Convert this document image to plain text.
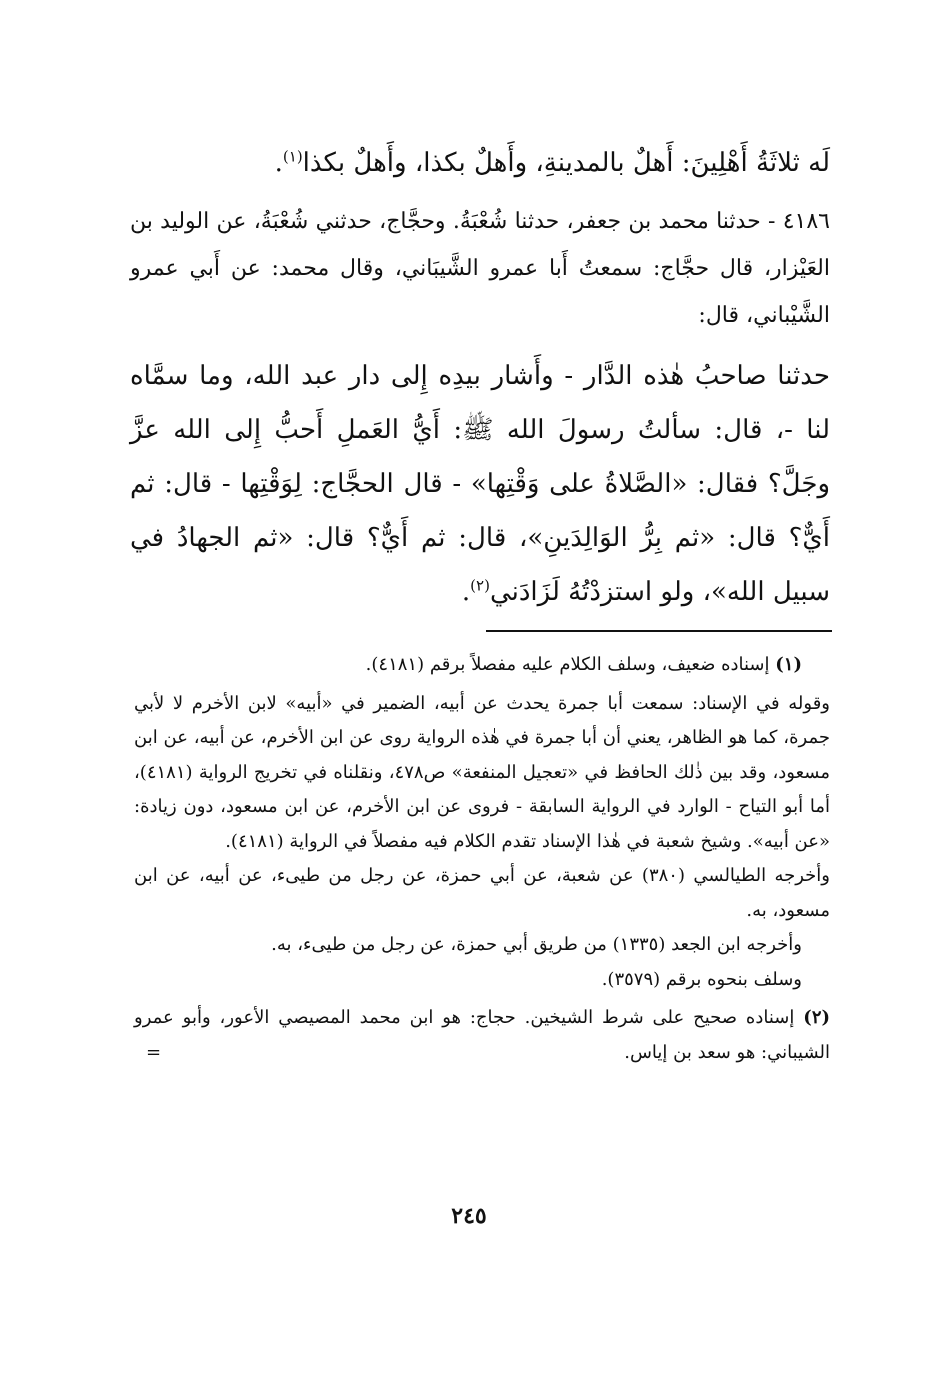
لَه ثلاثَةُ أَهْلِينَ: أَهلٌ بالمدينةِ، وأَهلٌ بكذا، وأَهلٌ بكذا$^{(١)}$.

٤١٨٦ - حدثنا محمد بن جعفر، حدثنا شُعْبَةُ. وحجَّاج، حدثني شُعْبَةُ، عن الوليد بن العَيْزار، قال حجَّاج: سمعتُ أَبا عمرو الشَّيبَاني، وقال محمد: عن أَبي عمرو الشَّيْباني، قال:

حدثنا صاحبُ هٰذه الدَّار - وأَشار بيدِه إِلى دار عبد الله، وما سمَّاه لنا -، قال: سألتُ رسولَ الله ﷺ: أَيُّ العَملِ أَحبُّ إِلى الله عزَّ وجَلَّ؟ فقال: «الصَّلاةُ على وَقْتِها» - قال الحجَّاج: لِوَقْتِها - قال: ثم أَيٌّ؟ قال: «ثم بِرُّ الوَالِدَينِ»، قال: ثم أَيٌّ؟ قال: «ثم الجهادُ في سبيل الله»، ولو استزدْتُهُ لَزَادَني$^{(٢)}$.

(١) إسناده ضعيف، وسلف الكلام عليه مفصلاً برقم (٤١٨١).

وقوله في الإسناد: سمعت أبا جمرة يحدث عن أبيه، الضمير في «أبيه» لابن الأخرم لا لأبي جمرة، كما هو الظاهر، يعني أن أبا جمرة في هٰذه الرواية روى عن ابن الأخرم، عن أبيه، عن ابن مسعود، وقد بين ذٰلك الحافظ في «تعجيل المنفعة» ص٤٧٨، ونقلناه في تخريج الرواية (٤١٨١)، أما أبو التياح - الوارد في الرواية السابقة - فروى عن ابن الأخرم، عن ابن مسعود، دون زيادة: «عن أبيه». وشيخ شعبة في هٰذا الإسناد تقدم الكلام فيه مفصلاً في الرواية (٤١٨١).

وأخرجه الطيالسي (٣٨٠) عن شعبة، عن أبي حمزة، عن رجل من طيىء، عن أبيه، عن ابن مسعود، به.

وأخرجه ابن الجعد (١٣٣٥) من طريق أبي حمزة، عن رجل من طيىء، به.

وسلف بنحوه برقم (٣٥٧٩).

(٢) إسناده صحيح على شرط الشيخين. حجاج: هو ابن محمد المصيصي الأعور، وأبو عمرو الشيباني: هو سعد بن إياس.
=

٢٤٥
